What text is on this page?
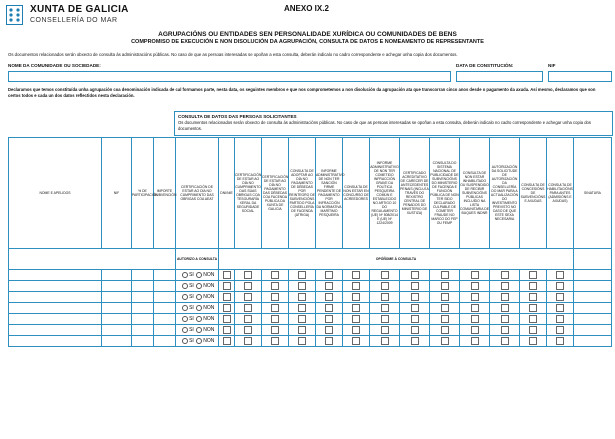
XUNTA DE GALICIA
CONSELLERÍA DO MAR
ANEXO IX.2
AGRUPACIÓNS OU ENTIDADES SEN PERSONALIDADE XURÍDICA OU COMUNIDADES DE BENS
COMPROMISO DE EXECUCIÓN E NON DISOLUCIÓN DA AGRUPACIÓN, CONSULTA DE DATOS E NOMEAMENTO DE REPRESENTANTE
Os documentos relacionados serán obxecto de consulta ás administracións públicas. No caso de que as persoas interesadas se opoñan a esta consulta, deberán indicalo no cadro correspondente e achegar unha copia dos documentos.
NOME DA COMUNIDADE OU SOCIEDADE:	DATA DE CONSTITUCIÓN:	NIF
Declaramos que temos constituída unha agrupación coa denominación indicada de cal formamos parte, nesta data, os seguintes membros e que nos comprometemos a non disolución da agrupación ata que transcorran cinco anos desde o pagamento da axuda. Así mesmo, declaramos que son certos todos e cada un dos datos reflectidos nesta declaración.
CONSULTA DE DATOS DAS PERSOAS SOLICITANTES
Os documentos relacionados serán obxecto de consulta ás administracións públicas. No caso de que as persoas interesadas se opoñan a esta consulta, deberán indicalo no cadro correspondente e achegar unha copia dos documentos.
NOME E APELIDOS	NIF	% DE PARTICIPACIÓN	IMPORTE SUBVENCIÓN	CERTIFICACIÓN DE ESTAR AO DÍA NO CUMPRIMENTO DAS OBRIGAS COA AEAT	DNI/NIE	CERTIFICACIÓN DE ESTAR AO DÍA NO CUMPRIMENTO DAS SÚAS OBRIGAS COA TESOURARÍA XERAL DA SEGURIDADE SOCIAL	CERTIFICACIÓN DE ESTAR AO DÍA NO PAGAMENTO DAS DÉBEDAS COA FACENDA PÚBLICA DA XUNTA DE GALICIA	CONSULTA DE ADOPTAR AO DÍA NO PAGAMENTO DE DÉBEDAS POR REINTEGRO DE SUBVENCIÓNS PARTIDO POLA CONSELLERÍA DE FACENDA (ATRIGA)	INFORME ADMINISTRATIVO DE NON TER SANCIÓN FIRME PENDENTE DE PAGAMENTO POR INFRACCIÓN DA NORMATIVA MARÍTIMO PESQUEIRA	CONSULTA DE NON ESTAR EN CONCURSO DE ACREEDORES	INFORME ADMINISTRATIVO DE NON TER COMETIDO INFRACCIÓN GRAVE DA POLÍTICA PESQUEIRA COMÚN E ESTABLECIDO NO ARTIGO 10 DO REGULAMENTO (UE) Nº 508/2014 E (UE) Nº 1224/2009	CERTIFICADO ACREDITATIVO DE CARECER DE ANTECEDENTES PENAIS (INCLUÍ A TRAVÉS DO REXISTRO CENTRAL DE PENADOS DO MINISTERIO DE XUSTIZA)	CONSULTA DO SISTEMA NACIONAL DE PUBLICIDADE DE SUBVENCIÓNS DO MINISTERIO DE FACENDA E FUNCIÓN PÚBLICA DE NON TER SIDO DECLARADO CULPABLE DE COMETER FRAUDE NO MARCO DO FEP OU FEMP	CONSULTA DE NON ESTAR INHABILITADO OU SUSPENDIDO DE RECIBIR SUBVENCIÓNS PÚBLICAS INCLUÍDO NA LISTA COMUNITARIA DE BUQUES INDNR	AUTORIZACIÓN DA SOLICITUDE DE AUTORIZACIÓN DA CONSELLERÍA DO MAR PARA A ACTUALIZACIÓN DO INVESTIMENTO PREVISTO NO CASO DE QUE ESTE SEXA NECESARIA	CONSULTA DE CONCESIÓNS DE SUBVENCIÓNS E AXUDAS	CONSULTA DE HABILITACIÓNS PARA ANTES (ADMISIÓNS E AXUDAS)	SINATURA
				AUTORIZO A CONSULTA	OPÓÑOME Á CONSULTA													
				SI NON														
				SI NON														
				SI NON														
				SI NON														
				SI NON														
				SI NON														
				SI NON														
